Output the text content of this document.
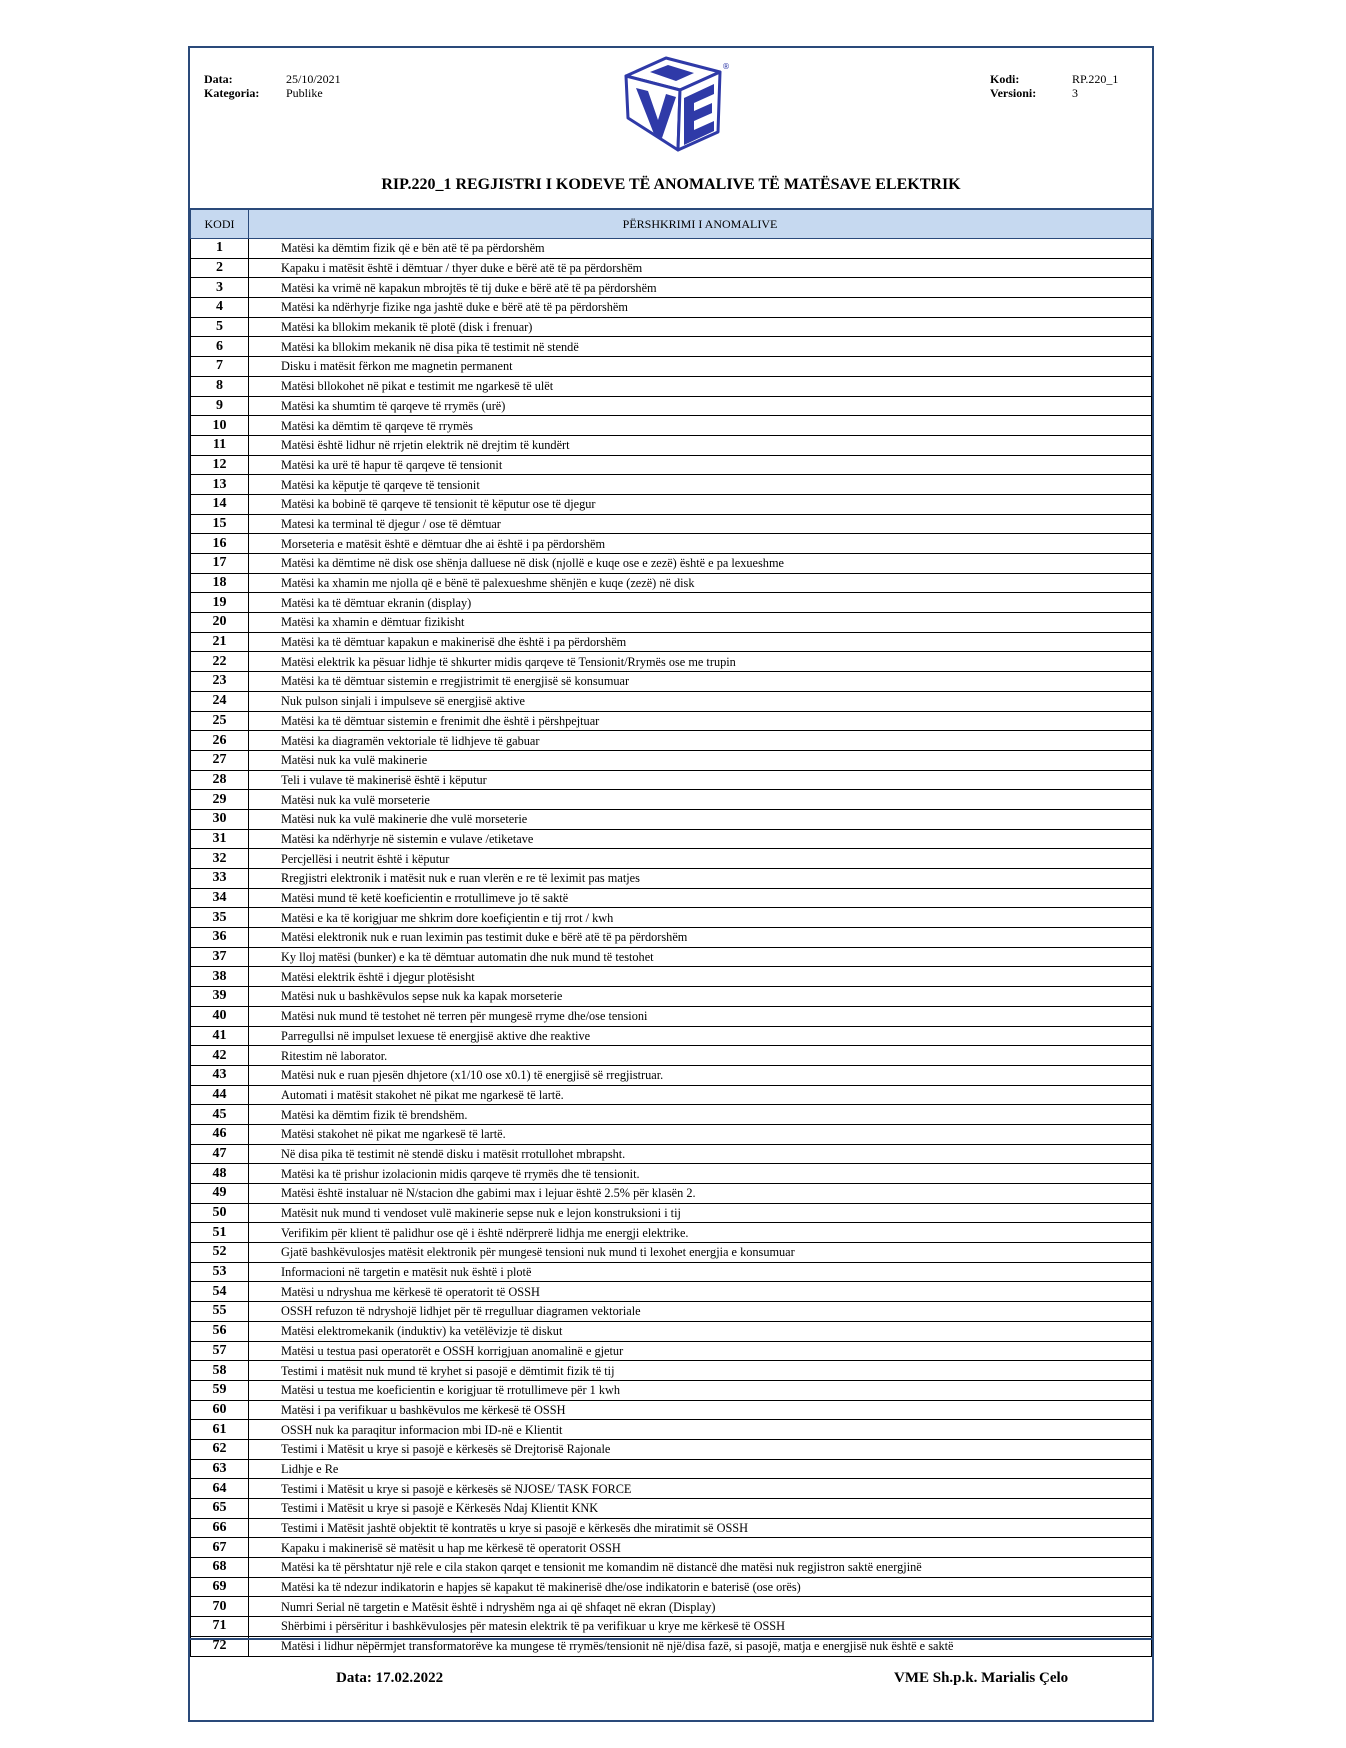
Data:	25/10/2021
Kategoria:	Publike
®
Kodi:	RP.220_1
Versioni:	3
RIP.220_1 REGJISTRI I KODEVE TË ANOMALIVE TË MATËSAVE ELEKTRIK
KODI	PËRSHKRIMI I ANOMALIVE
1	Matësi ka dëmtim fizik që e bën atë të pa përdorshëm
2	Kapaku i matësit është i dëmtuar / thyer duke e bërë atë të pa përdorshëm
3	Matësi ka vrimë në kapakun mbrojtës të tij duke e bërë atë të pa përdorshëm
4	Matësi ka ndërhyrje fizike nga jashtë duke e bërë atë të pa përdorshëm
5	Matësi ka bllokim mekanik të plotë (disk i frenuar)
6	Matësi ka bllokim mekanik në disa pika të testimit në stendë
7	Disku i matësit fërkon me magnetin permanent
8	Matësi bllokohet në pikat e testimit me ngarkesë të ulët
9	Matësi ka shumtim të qarqeve të rrymës (urë)
10	Matësi ka dëmtim të qarqeve të rrymës
11	Matësi është lidhur në rrjetin elektrik në drejtim të kundërt
12	Matësi ka urë të hapur të qarqeve të tensionit
13	Matësi ka këputje të qarqeve të tensionit
14	Matësi ka bobinë të qarqeve të tensionit të këputur ose të djegur
15	Matesi ka terminal të djegur / ose të dëmtuar
16	Morseteria e matësit është e dëmtuar dhe ai është i pa përdorshëm
17	Matësi ka dëmtime në disk ose shënja dalluese në disk (njollë e kuqe ose e zezë) është e pa lexueshme
18	Matësi ka xhamin me njolla që e bënë të palexueshme shënjën e kuqe (zezë) në disk
19	Matësi ka të dëmtuar ekranin (display)
20	Matësi ka xhamin e dëmtuar fizikisht
21	Matësi ka të dëmtuar kapakun e makinerisë dhe është i pa përdorshëm
22	Matësi elektrik ka pësuar lidhje të shkurter midis qarqeve të Tensionit/Rrymës ose me trupin
23	Matësi ka të dëmtuar sistemin e rregjistrimit të energjisë së konsumuar
24	Nuk pulson sinjali i impulseve së energjisë aktive
25	Matësi ka të dëmtuar sistemin e frenimit dhe është i përshpejtuar
26	Matësi ka diagramën vektoriale të lidhjeve të gabuar
27	Matësi nuk ka vulë makinerie
28	Teli i vulave të makinerisë është i këputur
29	Matësi nuk ka vulë morseterie
30	Matësi nuk ka vulë makinerie dhe vulë morseterie
31	Matësi ka ndërhyrje në sistemin e vulave /etiketave
32	Percjellësi i neutrit është i këputur
33	Rregjistri elektronik i matësit nuk e ruan vlerën e re të leximit pas matjes
34	Matësi mund të ketë koeficientin e rrotullimeve jo të saktë
35	Matësi e ka të korigjuar me shkrim dore koefiçientin e tij rrot / kwh
36	Matësi elektronik nuk e ruan leximin pas testimit duke e bërë atë të pa përdorshëm
37	Ky lloj matësi (bunker) e ka të dëmtuar automatin dhe nuk mund të testohet
38	Matësi elektrik është i djegur plotësisht
39	Matësi nuk u bashkëvulos sepse nuk ka kapak morseterie
40	Matësi nuk mund të testohet në terren për mungesë rryme dhe/ose tensioni
41	Parregullsi në impulset lexuese të energjisë aktive dhe reaktive
42	Ritestim në laborator.
43	Matësi nuk e ruan pjesën dhjetore (x1/10 ose x0.1) të energjisë së rregjistruar.
44	Automati i matësit stakohet në pikat me ngarkesë të lartë.
45	Matësi ka dëmtim fizik të brendshëm.
46	Matësi stakohet në pikat me ngarkesë të lartë.
47	Në disa pika të testimit në stendë disku i matësit rrotullohet mbrapsht.
48	Matësi ka të prishur izolacionin midis qarqeve të rrymës dhe të tensionit.
49	Matësi është instaluar në N/stacion dhe gabimi max i lejuar është 2.5% për klasën 2.
50	Matësit nuk mund ti vendoset vulë makinerie sepse nuk e lejon konstruksioni i tij
51	Verifikim për klient të palidhur ose që i është ndërprerë lidhja me energji elektrike.
52	Gjatë bashkëvulosjes matësit elektronik për mungesë tensioni nuk mund ti lexohet energjia e konsumuar
53	Informacioni në targetin e matësit nuk është i plotë
54	Matësi u ndryshua me kërkesë të operatorit të OSSH
55	OSSH refuzon të ndryshojë lidhjet për të rregulluar diagramen vektoriale
56	Matësi elektromekanik (induktiv) ka vetëlëvizje të diskut
57	Matësi u testua pasi operatorët e OSSH korrigjuan anomalinë e gjetur
58	Testimi i matësit nuk mund të kryhet si pasojë e dëmtimit fizik të tij
59	Matësi u testua me koeficientin e korigjuar të rrotullimeve për 1 kwh
60	Matësi i pa verifikuar u bashkëvulos me kërkesë të OSSH
61	OSSH nuk ka paraqitur informacion mbi ID-në e Klientit
62	Testimi i Matësit u krye si pasojë e kërkesës së Drejtorisë Rajonale
63	Lidhje e Re
64	Testimi i Matësit u krye si pasojë e kërkesës së NJOSE/ TASK FORCE
65	Testimi i Matësit u krye si pasojë e Kërkesës Ndaj Klientit KNK
66	Testimi i Matësit jashtë objektit të kontratës u krye si pasojë e kërkesës dhe miratimit së OSSH
67	Kapaku i makinerisë së matësit u hap me kërkesë të operatorit OSSH
68	Matësi ka të përshtatur një rele e cila stakon qarqet e tensionit me komandim në distancë dhe matësi nuk regjistron saktë energjinë
69	Matësi ka të ndezur indikatorin e hapjes së kapakut të makinerisë dhe/ose indikatorin e baterisë (ose orës)
70	Numri Serial në targetin e Matësit është i ndryshëm nga ai që shfaqet në ekran (Display)
71	Shërbimi i përsëritur i bashkëvulosjes për matesin elektrik të pa verifikuar u krye me kërkesë të OSSH
72	Matësi i lidhur nëpërmjet transformatorëve ka mungese të rrymës/tensionit në një/disa fazë, si pasojë, matja e energjisë nuk është e saktë
Data: 17.02.2022	VME Sh.p.k. Marialis Çelo
